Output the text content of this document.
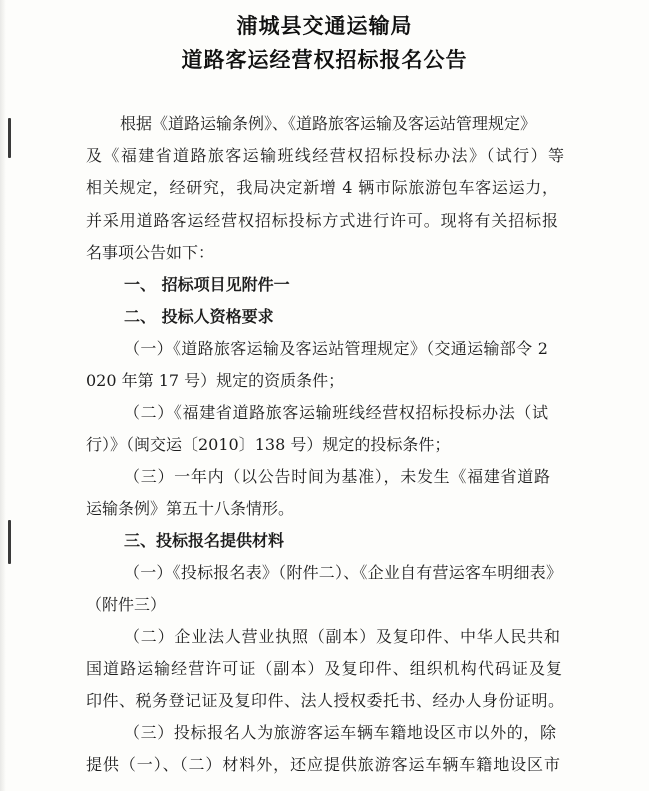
浦城县交通运输局
道路客运经营权招标报名公告
根据《道路运输条例》、《道路旅客运输及客运站管理规定》
及《福建省道路旅客运输班线经营权招标投标办法》（试行）等
相关规定，经研究，我局决定新增 4 辆市际旅游包车客运运力，
并采用道路客运经营权招标投标方式进行许可。现将有关招标报
名事项公告如下：
一、 招标项目见附件一
二、 投标人资格要求
（一）《道路旅客运输及客运站管理规定》（交通运输部令 2
020 年第 17 号）规定的资质条件；
（二）《福建省道路旅客运输班线经营权招标投标办法（试
行）》（闽交运〔2010〕138 号）规定的投标条件；
（三）一年内（以公告时间为基准），未发生《福建省道路
运输条例》第五十八条情形。
三、投标报名提供材料
（一）《投标报名表》（附件二）、《企业自有营运客车明细表》
（附件三）
（二）企业法人营业执照（副本）及复印件、中华人民共和
国道路运输经营许可证（副本）及复印件、组织机构代码证及复
印件、税务登记证及复印件、法人授权委托书、经办人身份证明。
（三）投标报名人为旅游客运车辆车籍地设区市以外的，除
提供（一）、（二）材料外，还应提供旅游客运车辆车籍地设区市
